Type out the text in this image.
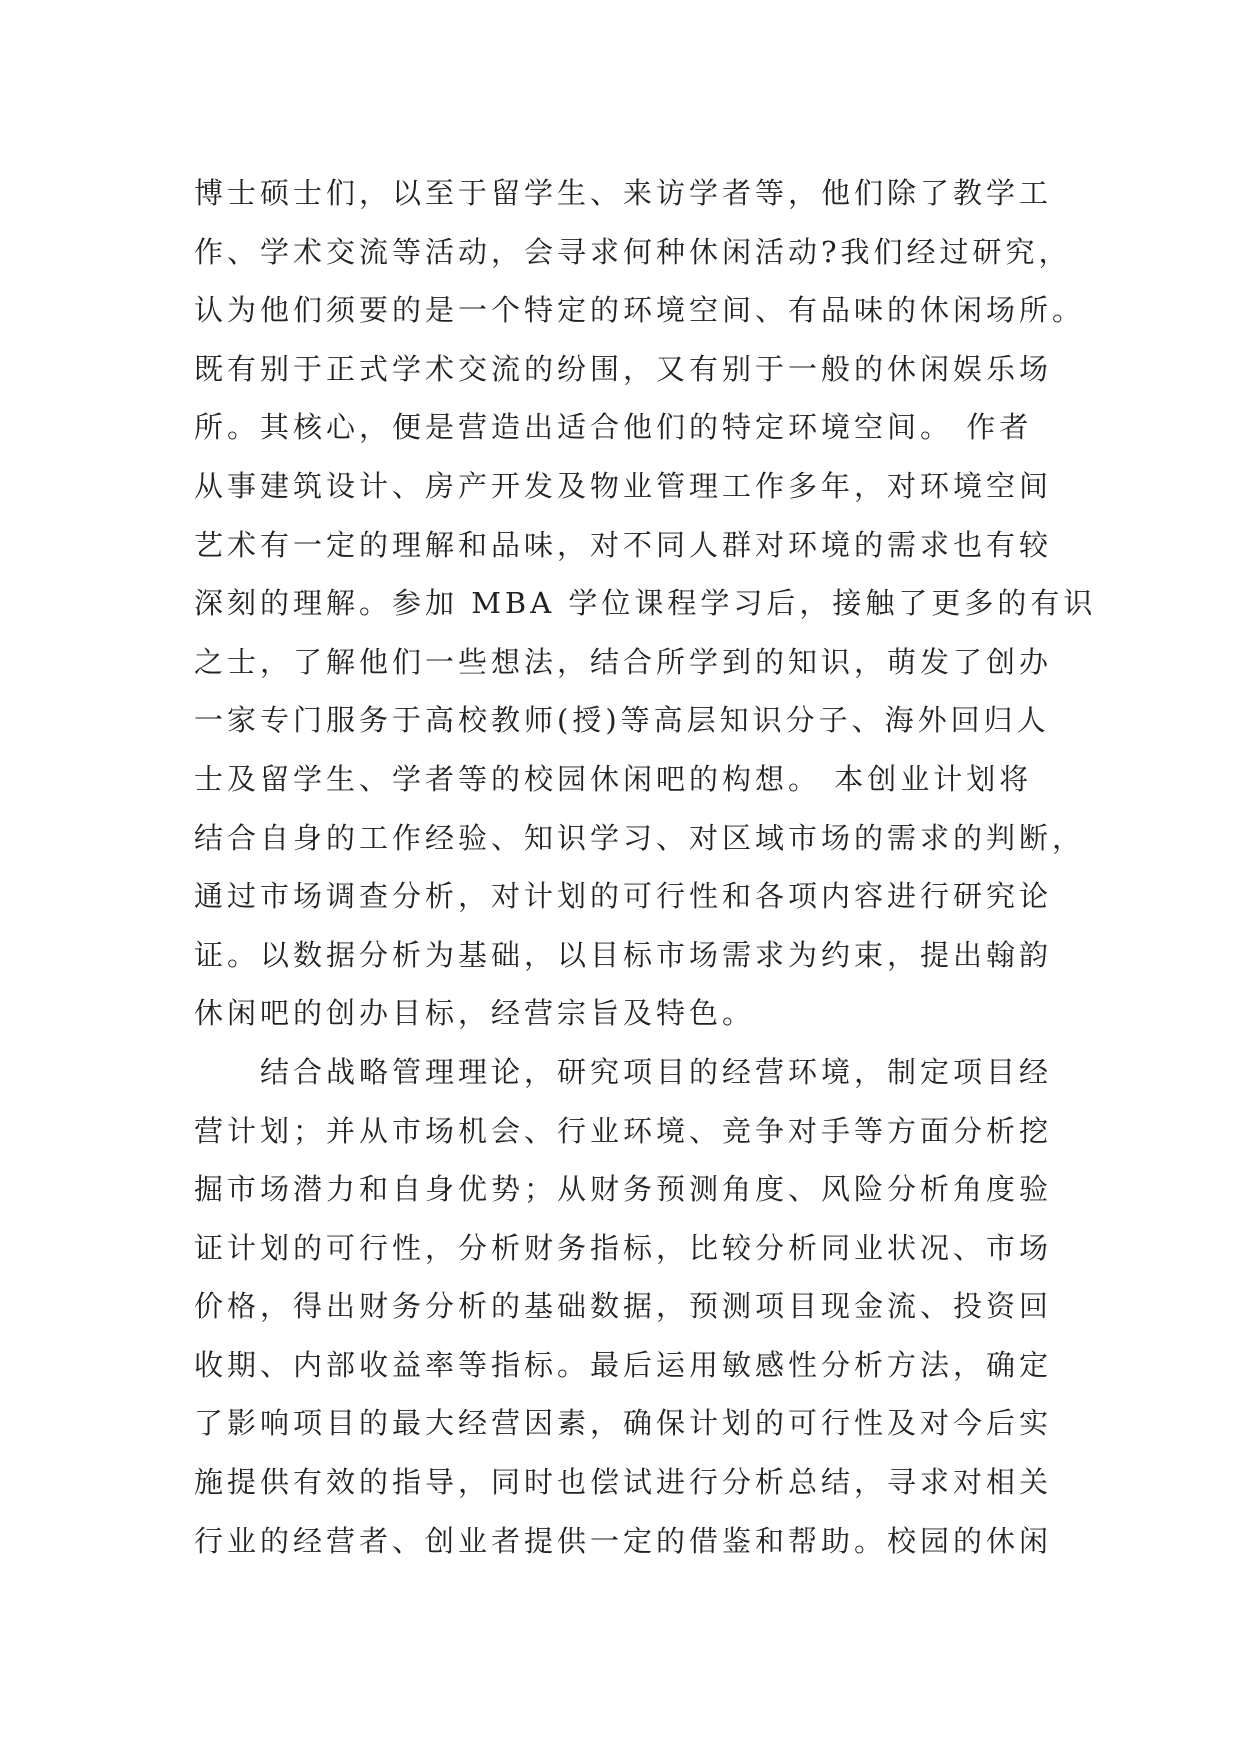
博士硕士们，以至于留学生、来访学者等，他们除了教学工
作、学术交流等活动，会寻求何种休闲活动?我们经过研究，
认为他们须要的是一个特定的环境空间、有品味的休闲场所。
既有别于正式学术交流的纷围，又有别于一般的休闲娱乐场
所。其核心，便是营造出适合他们的特定环境空间。 作者
从事建筑设计、房产开发及物业管理工作多年，对环境空间
艺术有一定的理解和品味，对不同人群对环境的需求也有较
深刻的理解。参加 MBA 学位课程学习后，接触了更多的有识
之士，了解他们一些想法，结合所学到的知识，萌发了创办
一家专门服务于高校教师(授)等高层知识分子、海外回归人
士及留学生、学者等的校园休闲吧的构想。 本创业计划将
结合自身的工作经验、知识学习、对区域市场的需求的判断，
通过市场调查分析，对计划的可行性和各项内容进行研究论
证。以数据分析为基础，以目标市场需求为约束，提出翰韵
休闲吧的创办目标，经营宗旨及特色。
　　结合战略管理理论，研究项目的经营环境，制定项目经
营计划；并从市场机会、行业环境、竞争对手等方面分析挖
掘市场潜力和自身优势；从财务预测角度、风险分析角度验
证计划的可行性，分析财务指标，比较分析同业状况、市场
价格，得出财务分析的基础数据，预测项目现金流、投资回
收期、内部收益率等指标。最后运用敏感性分析方法，确定
了影响项目的最大经营因素，确保计划的可行性及对今后实
施提供有效的指导，同时也偿试进行分析总结，寻求对相关
行业的经营者、创业者提供一定的借鉴和帮助。校园的休闲
